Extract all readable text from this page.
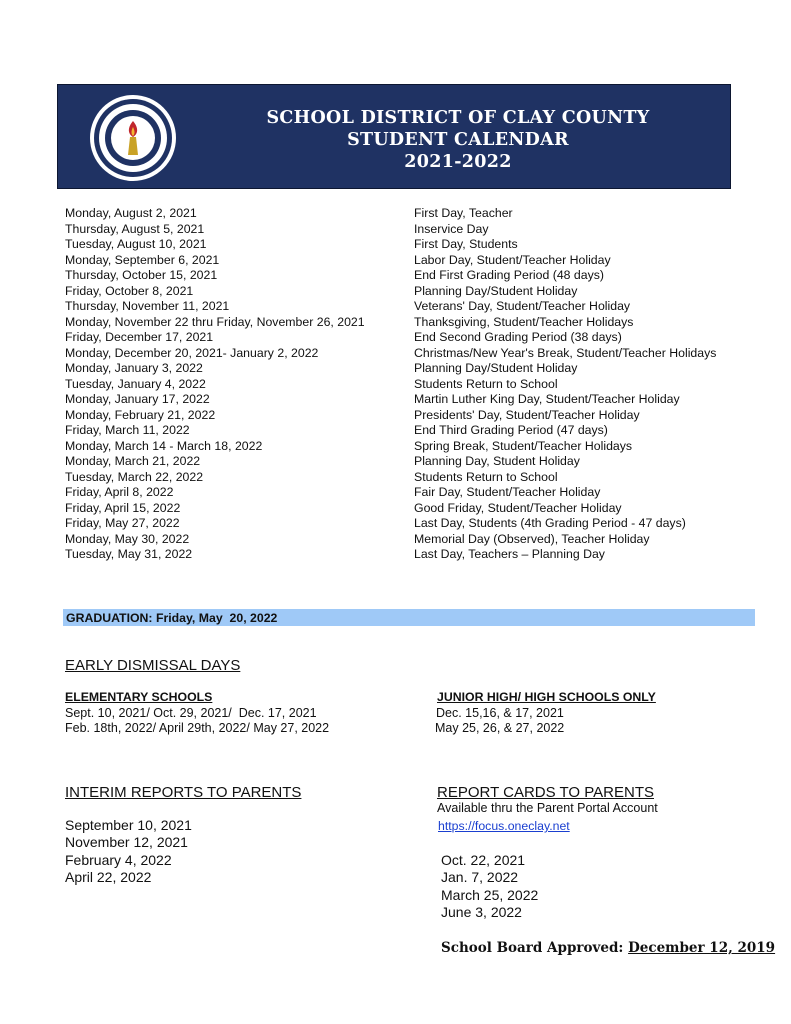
SCHOOL DISTRICT OF CLAY COUNTY
STUDENT CALENDAR
2021-2022
Monday, August 2, 2021	First Day, Teacher
Thursday, August 5, 2021	Inservice Day
Tuesday, August 10, 2021	First Day, Students
Monday, September 6, 2021	Labor Day, Student/Teacher Holiday
Thursday, October 15, 2021	End First Grading Period (48 days)
Friday, October 8, 2021	Planning Day/Student Holiday
Thursday, November 11, 2021	Veterans' Day, Student/Teacher Holiday
Monday, November 22 thru Friday, November 26, 2021	Thanksgiving, Student/Teacher Holidays
Friday, December 17, 2021	End Second Grading Period (38 days)
Monday, December 20, 2021- January 2, 2022	Christmas/New Year's Break, Student/Teacher Holidays
Monday, January 3, 2022	Planning Day/Student Holiday
Tuesday, January 4, 2022	Students Return to School
Monday, January 17, 2022	Martin Luther King Day, Student/Teacher Holiday
Monday, February 21, 2022	Presidents' Day, Student/Teacher Holiday
Friday, March 11, 2022	End Third Grading Period (47 days)
Monday, March 14 - March 18, 2022	Spring Break, Student/Teacher Holidays
Monday, March 21, 2022	Planning Day, Student Holiday
Tuesday, March 22, 2022	Students Return to School
Friday, April 8, 2022	Fair Day, Student/Teacher Holiday
Friday, April 15, 2022	Good Friday, Student/Teacher Holiday
Friday, May 27, 2022	Last Day, Students (4th Grading Period - 47 days)
Monday, May 30, 2022	Memorial Day (Observed), Teacher Holiday
Tuesday, May 31, 2022	Last Day, Teachers – Planning Day
GRADUATION: Friday, May  20, 2022
EARLY DISMISSAL DAYS
ELEMENTARY SCHOOLS
Sept. 10, 2021/ Oct. 29, 2021/  Dec. 17, 2021
Feb. 18th, 2022/ April 29th, 2022/ May 27, 2022
JUNIOR HIGH/ HIGH SCHOOLS ONLY
Dec. 15,16, & 17, 2021
May 25, 26, & 27, 2022
INTERIM REPORTS TO PARENTS
September 10, 2021
November 12, 2021
February 4, 2022
April 22, 2022
REPORT CARDS TO PARENTS
Available thru the Parent Portal Account
https://focus.oneclay.net
Oct. 22, 2021
Jan. 7, 2022
March 25, 2022
June 3, 2022
School Board Approved: December 12, 2019
